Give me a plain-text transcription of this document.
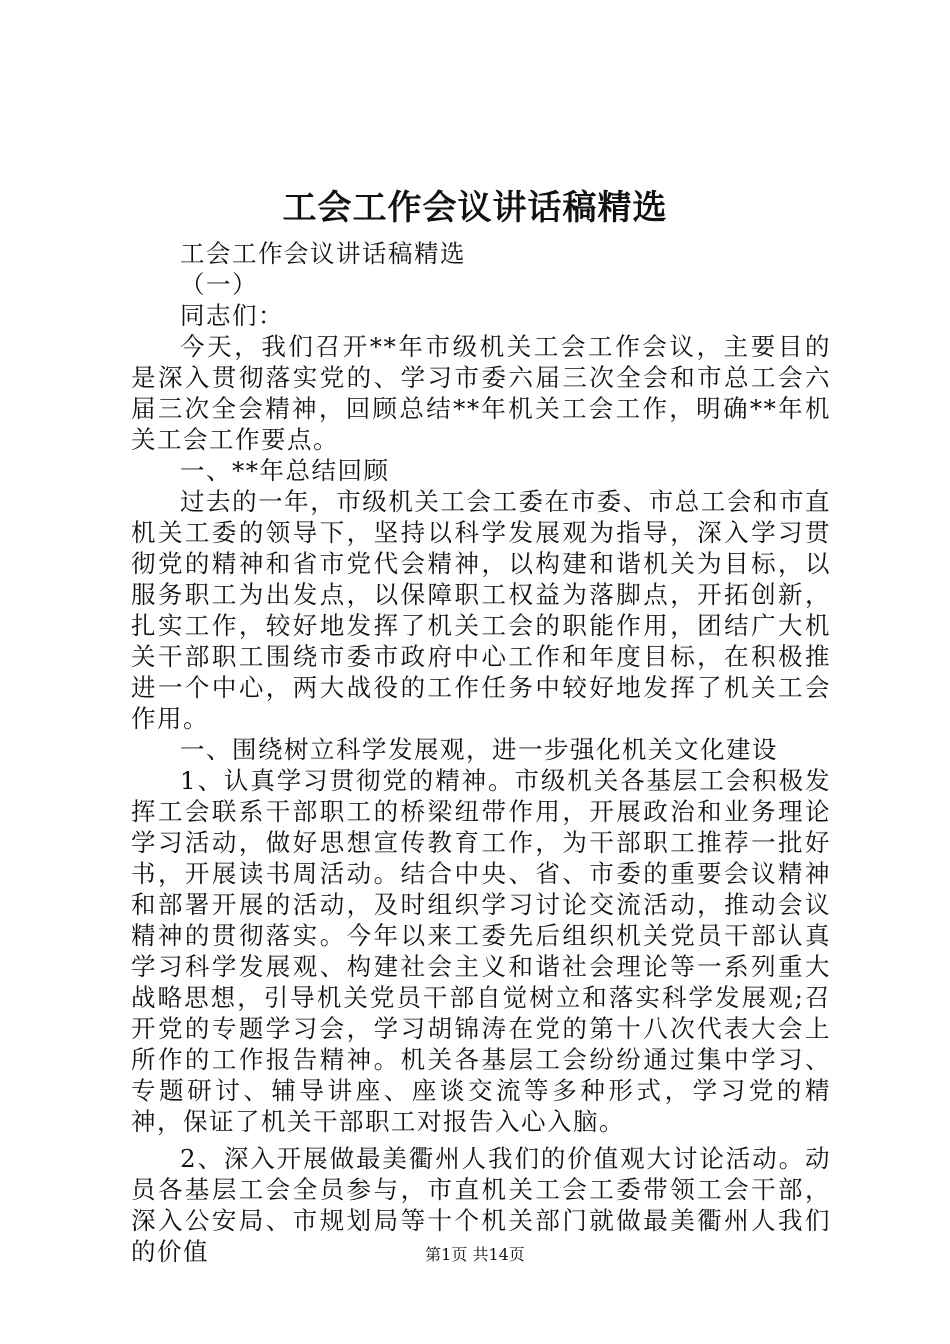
工会工作会议讲话稿精选

工会工作会议讲话稿精选

（一）

同志们：

今天，我们召开**年市级机关工会工作会议，主要目的是深入贯彻落实党的、学习市委六届三次全会和市总工会六届三次全会精神，回顾总结**年机关工会工作，明确**年机关工会工作要点。

一、**年总结回顾

过去的一年，市级机关工会工委在市委、市总工会和市直机关工委的领导下，坚持以科学发展观为指导，深入学习贯彻党的精神和省市党代会精神，以构建和谐机关为目标，以服务职工为出发点，以保障职工权益为落脚点，开拓创新，扎实工作，较好地发挥了机关工会的职能作用，团结广大机关干部职工围绕市委市政府中心工作和年度目标，在积极推进一个中心，两大战役的工作任务中较好地发挥了机关工会作用。

一、围绕树立科学发展观，进一步强化机关文化建设

1、认真学习贯彻党的精神。市级机关各基层工会积极发挥工会联系干部职工的桥梁纽带作用，开展政治和业务理论学习活动，做好思想宣传教育工作，为干部职工推荐一批好书，开展读书周活动。结合中央、省、市委的重要会议精神和部署开展的活动，及时组织学习讨论交流活动，推动会议精神的贯彻落实。今年以来工委先后组织机关党员干部认真学习科学发展观、构建社会主义和谐社会理论等一系列重大战略思想，引导机关党员干部自觉树立和落实科学发展观;召开党的专题学习会，学习胡锦涛在党的第十八次代表大会上所作的工作报告精神。机关各基层工会纷纷通过集中学习、专题研讨、辅导讲座、座谈交流等多种形式，学习党的精神，保证了机关干部职工对报告入心入脑。

2、深入开展做最美衢州人我们的价值观大讨论活动。动员各基层工会全员参与，市直机关工会工委带领工会干部，深入公安局、市规划局等十个机关部门就做最美衢州人我们的价值	第1页 共14页
